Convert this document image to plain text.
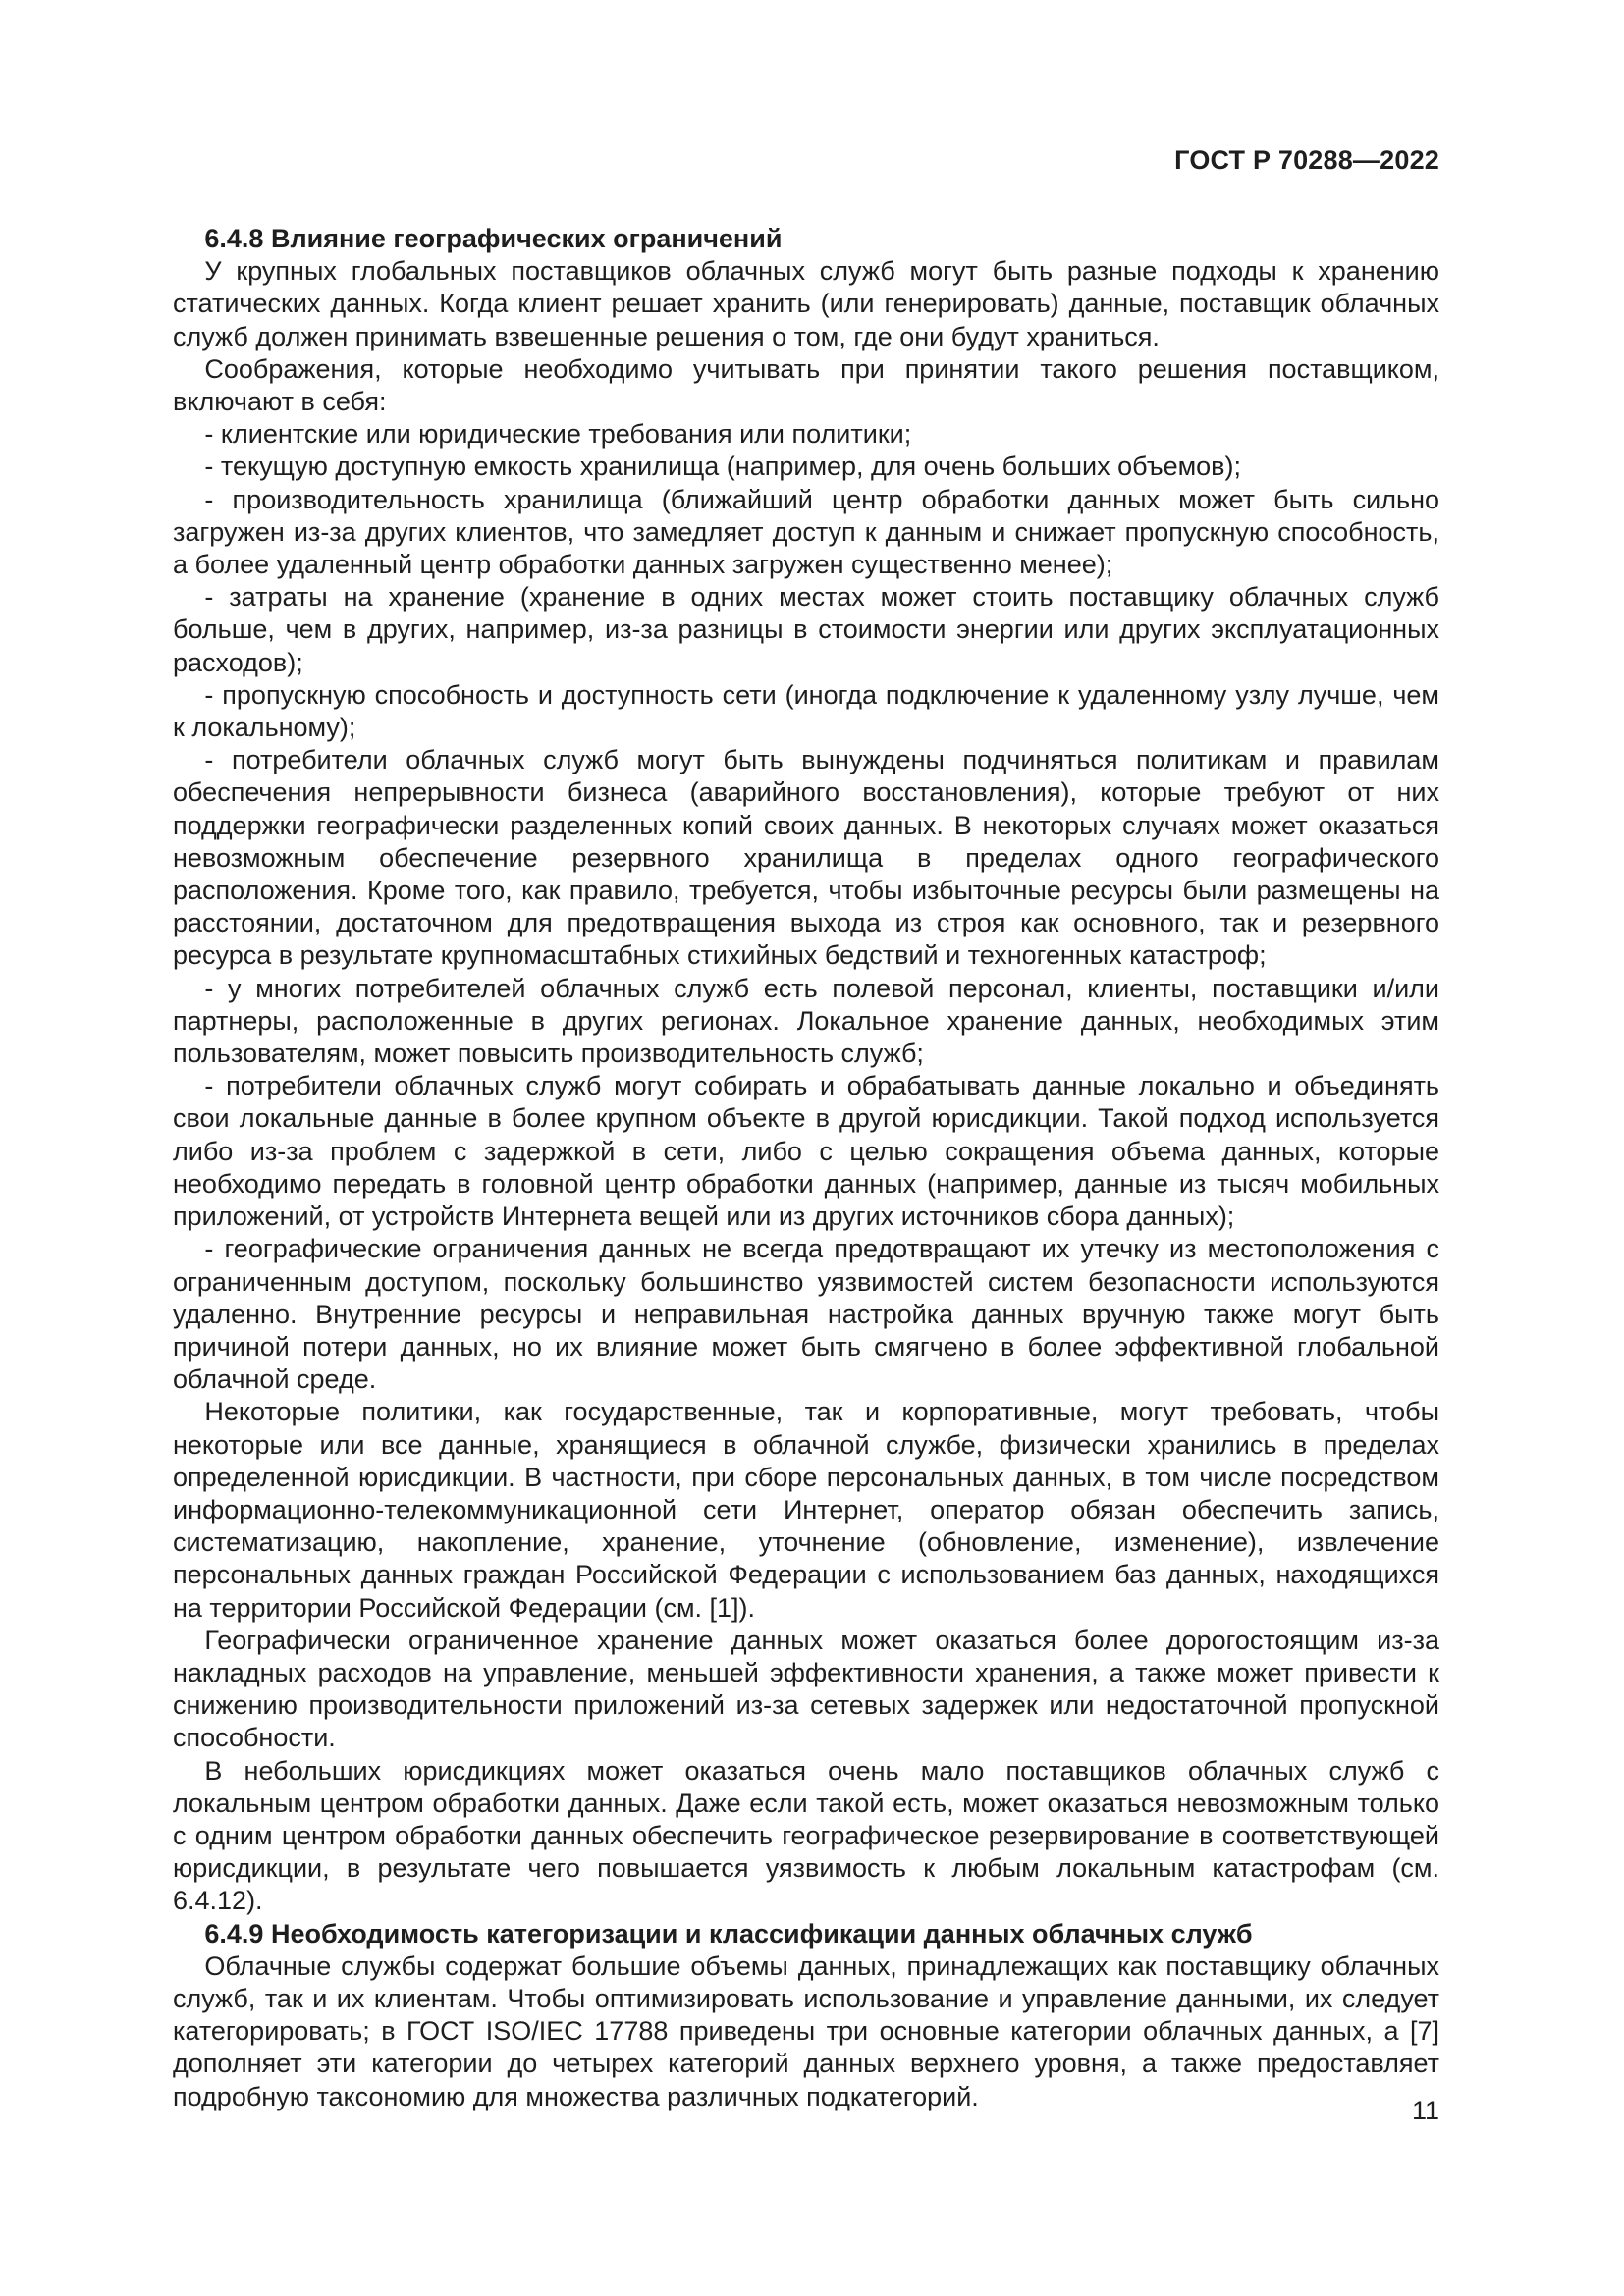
ГОСТ Р 70288—2022

6.4.8 Влияние географических ограничений

У крупных глобальных поставщиков облачных служб могут быть разные подходы к хранению статических данных. Когда клиент решает хранить (или генерировать) данные, поставщик облачных служб должен принимать взвешенные решения о том, где они будут храниться.

Соображения, которые необходимо учитывать при принятии такого решения поставщиком, включают в себя:

- клиентские или юридические требования или политики;

- текущую доступную емкость хранилища (например, для очень больших объемов);

- производительность хранилища (ближайший центр обработки данных может быть сильно загружен из-за других клиентов, что замедляет доступ к данным и снижает пропускную способность, а более удаленный центр обработки данных загружен существенно менее);

- затраты на хранение (хранение в одних местах может стоить поставщику облачных служб больше, чем в других, например, из-за разницы в стоимости энергии или других эксплуатационных расходов);

- пропускную способность и доступность сети (иногда подключение к удаленному узлу лучше, чем к локальному);

- потребители облачных служб могут быть вынуждены подчиняться политикам и правилам обеспечения непрерывности бизнеса (аварийного восстановления), которые требуют от них поддержки географически разделенных копий своих данных. В некоторых случаях может оказаться невозможным обеспечение резервного хранилища в пределах одного географического расположения. Кроме того, как правило, требуется, чтобы избыточные ресурсы были размещены на расстоянии, достаточном для предотвращения выхода из строя как основного, так и резервного ресурса в результате крупномасштабных стихийных бедствий и техногенных катастроф;

- у многих потребителей облачных служб есть полевой персонал, клиенты, поставщики и/или партнеры, расположенные в других регионах. Локальное хранение данных, необходимых этим пользователям, может повысить производительность служб;

- потребители облачных служб могут собирать и обрабатывать данные локально и объединять свои локальные данные в более крупном объекте в другой юрисдикции. Такой подход используется либо из-за проблем с задержкой в сети, либо с целью сокращения объема данных, которые необходимо передать в головной центр обработки данных (например, данные из тысяч мобильных приложений, от устройств Интернета вещей или из других источников сбора данных);

- географические ограничения данных не всегда предотвращают их утечку из местоположения с ограниченным доступом, поскольку большинство уязвимостей систем безопасности используются удаленно. Внутренние ресурсы и неправильная настройка данных вручную также могут быть причиной потери данных, но их влияние может быть смягчено в более эффективной глобальной облачной среде.

Некоторые политики, как государственные, так и корпоративные, могут требовать, чтобы некоторые или все данные, хранящиеся в облачной службе, физически хранились в пределах определенной юрисдикции. В частности, при сборе персональных данных, в том числе посредством информационно-телекоммуникационной сети Интернет, оператор обязан обеспечить запись, систематизацию, накопление, хранение, уточнение (обновление, изменение), извлечение персональных данных граждан Российской Федерации с использованием баз данных, находящихся на территории Российской Федерации (см. [1]).

Географически ограниченное хранение данных может оказаться более дорогостоящим из-за накладных расходов на управление, меньшей эффективности хранения, а также может привести к снижению производительности приложений из-за сетевых задержек или недостаточной пропускной способности.

В небольших юрисдикциях может оказаться очень мало поставщиков облачных служб с локальным центром обработки данных. Даже если такой есть, может оказаться невозможным только с одним центром обработки данных обеспечить географическое резервирование в соответствующей юрисдикции, в результате чего повышается уязвимость к любым локальным катастрофам (см. 6.4.12).

6.4.9 Необходимость категоризации и классификации данных облачных служб

Облачные службы содержат большие объемы данных, принадлежащих как поставщику облачных служб, так и их клиентам. Чтобы оптимизировать использование и управление данными, их следует категорировать; в ГОСТ ISO/IEC 17788 приведены три основные категории облачных данных, а [7] дополняет эти категории до четырех категорий данных верхнего уровня, а также предоставляет подробную таксономию для множества различных подкатегорий.	11
